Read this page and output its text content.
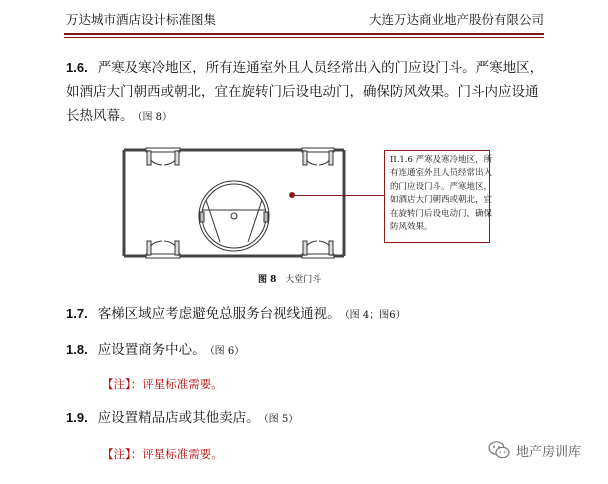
万达城市酒店设计标准图集	大连万达商业地产股份有限公司
1.6. 严寒及寒冷地区，所有连通室外且人员经常出入的门应设门斗。严寒地区，
如酒店大门朝西或朝北，宜在旋转门后设电动门，确保防风效果。门斗内应设通
长热风幕。 （图 8）
II.1.6 严寒及寒冷地区，所
有连通室外且人员经常出入
的门应设门斗。严寒地区，
如酒店大门朝西或朝北，宜
在旋转门后设电动门，确保
防风效果。
图 8 大堂门斗
1.7. 客梯区域应考虑避免总服务台视线通视。 （图 4；图6）
1.8. 应设置商务中心。 （图 6）
【注】：评星标准需要。
1.9. 应设置精品店或其他卖店。 （图 5）
【注】：评星标准需要。	地产房训库
